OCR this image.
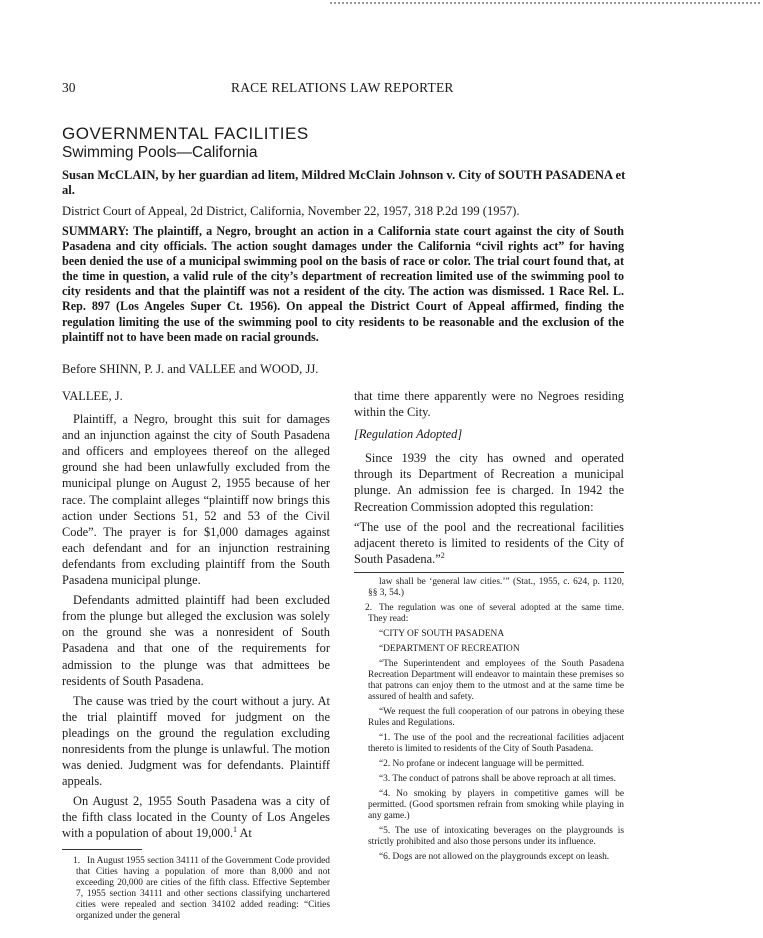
30	RACE RELATIONS LAW REPORTER
GOVERNMENTAL FACILITIES
Swimming Pools—California
Susan McCLAIN, by her guardian ad litem, Mildred McClain Johnson v. City of SOUTH PASADENA et al.
District Court of Appeal, 2d District, California, November 22, 1957, 318 P.2d 199 (1957).
SUMMARY: The plaintiff, a Negro, brought an action in a California state court against the city of South Pasadena and city officials. The action sought damages under the California “civil rights act” for having been denied the use of a municipal swimming pool on the basis of race or color. The trial court found that, at the time in question, a valid rule of the city’s department of recreation limited use of the swimming pool to city residents and that the plaintiff was not a resident of the city. The action was dismissed. 1 Race Rel. L. Rep. 897 (Los Angeles Super Ct. 1956). On appeal the District Court of Appeal affirmed, finding the regulation limiting the use of the swimming pool to city residents to be reasonable and the exclusion of the plaintiff not to have been made on racial grounds.
Before SHINN, P. J. and VALLEE and WOOD, JJ.
VALLEE, J.

Plaintiff, a Negro, brought this suit for damages and an injunction against the city of South Pasadena and officers and employees thereof on the alleged ground she had been unlawfully excluded from the municipal plunge on August 2, 1955 because of her race. The complaint alleges “plaintiff now brings this action under Sections 51, 52 and 53 of the Civil Code”. The prayer is for $1,000 damages against each defendant and for an injunction restraining defendants from excluding plaintiff from the South Pasadena municipal plunge.

Defendants admitted plaintiff had been excluded from the plunge but alleged the exclusion was solely on the ground she was a nonresident of South Pasadena and that one of the requirements for admission to the plunge was that admittees be residents of South Pasadena.

The cause was tried by the court without a jury. At the trial plaintiff moved for judgment on the pleadings on the ground the regulation excluding nonresidents from the plunge is unlawful. The motion was denied. Judgment was for defendants. Plaintiff appeals.

On August 2, 1955 South Pasadena was a city of the fifth class located in the County of Los Angeles with a population of about 19,000.$^1$ At

1. In August 1955 section 34111 of the Government Code provided that Cities having a population of more than 8,000 and not exceeding 20,000 are cities of the fifth class. Effective September 7, 1955 section 34111 and other sections classifying unchartered cities were repealed and section 34102 added reading: “Cities organized under the general

that time there apparently were no Negroes residing within the City.

[Regulation Adopted]

Since 1939 the city has owned and operated through its Department of Recreation a municipal plunge. An admission fee is charged. In 1942 the Recreation Commission adopted this regulation:

“The use of the pool and the recreational facilities adjacent thereto is limited to residents of the City of South Pasadena.”$^2$

law shall be ‘general law cities.’” (Stat., 1955, c. 624, p. 1120, §§ 3, 54.)

2. The regulation was one of several adopted at the same time. They read:

“CITY OF SOUTH PASADENA

“DEPARTMENT OF RECREATION

“The Superintendent and employees of the South Pasadena Recreation Department will endeavor to maintain these premises so that patrons can enjoy them to the utmost and at the same time be assured of health and safety.

“We request the full cooperation of our patrons in obeying these Rules and Regulations.

“1. The use of the pool and the recreational facilities adjacent thereto is limited to residents of the City of South Pasadena.

“2. No profane or indecent language will be permitted.

“3. The conduct of patrons shall be above reproach at all times.

“4. No smoking by players in competitive games will be permitted. (Good sportsmen refrain from smoking while playing in any game.)

“5. The use of intoxicating beverages on the playgrounds is strictly prohibited and also those persons under its influence.

“6. Dogs are not allowed on the playgrounds except on leash.
